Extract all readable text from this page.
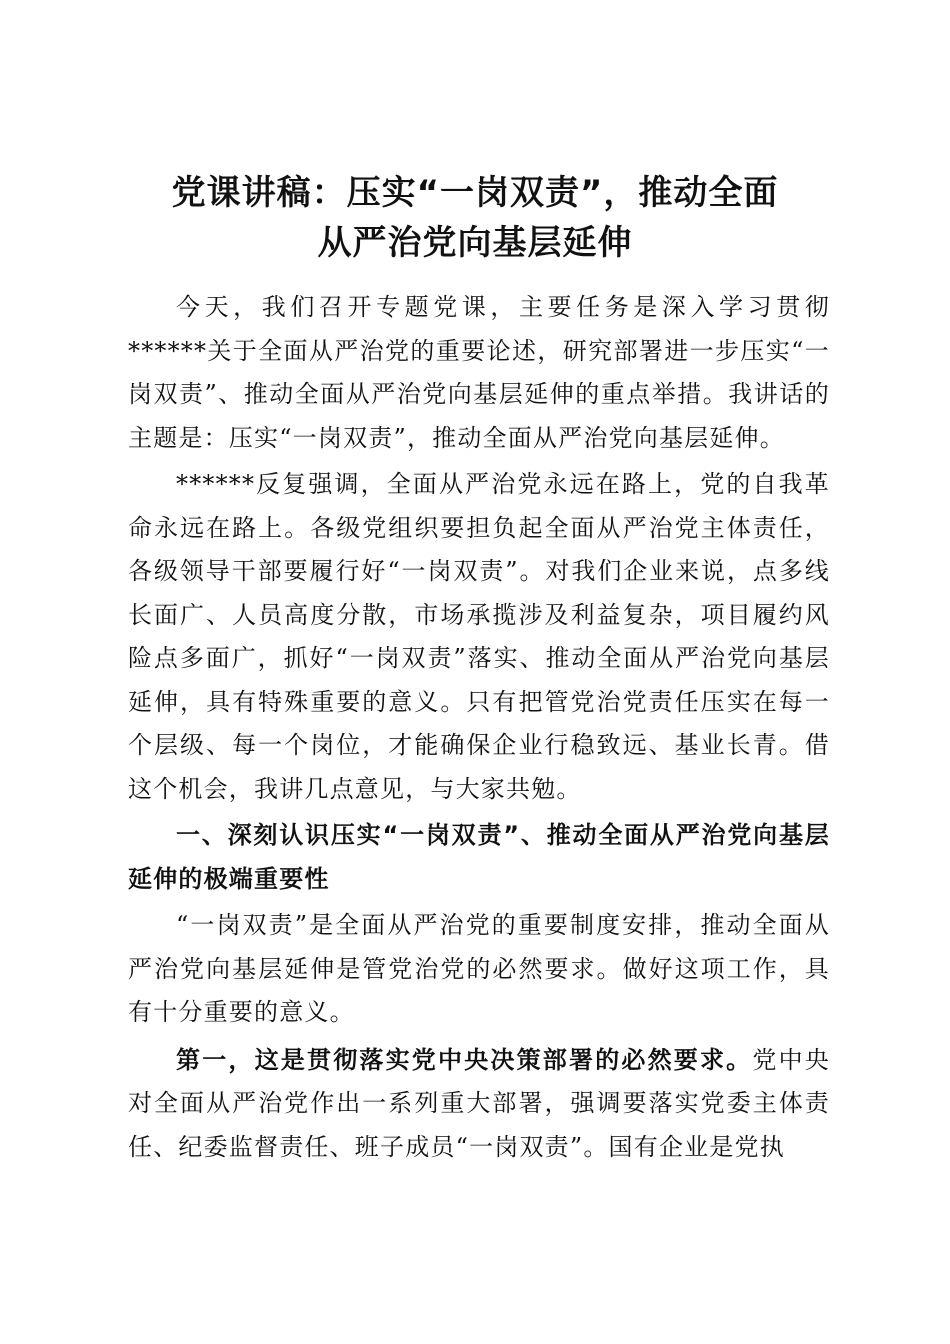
党课讲稿：压实“一岗双责”，推动全面
从严治党向基层延伸

今天，我们召开专题党课，主要任务是深入学习贯彻******关于全面从严治党的重要论述，研究部署进一步压实“一岗双责”、推动全面从严治党向基层延伸的重点举措。我讲话的主题是：压实“一岗双责”，推动全面从严治党向基层延伸。

******反复强调，全面从严治党永远在路上，党的自我革命永远在路上。各级党组织要担负起全面从严治党主体责任，各级领导干部要履行好“一岗双责”。对我们企业来说，点多线长面广、人员高度分散，市场承揽涉及利益复杂，项目履约风险点多面广，抓好“一岗双责”落实、推动全面从严治党向基层延伸，具有特殊重要的意义。只有把管党治党责任压实在每一个层级、每一个岗位，才能确保企业行稳致远、基业长青。借这个机会，我讲几点意见，与大家共勉。

一、深刻认识压实“一岗双责”、推动全面从严治党向基层延伸的极端重要性

“一岗双责”是全面从严治党的重要制度安排，推动全面从严治党向基层延伸是管党治党的必然要求。做好这项工作，具有十分重要的意义。

第一，这是贯彻落实党中央决策部署的必然要求。党中央对全面从严治党作出一系列重大部署，强调要落实党委主体责任、纪委监督责任、班子成员“一岗双责”。国有企业是党执
